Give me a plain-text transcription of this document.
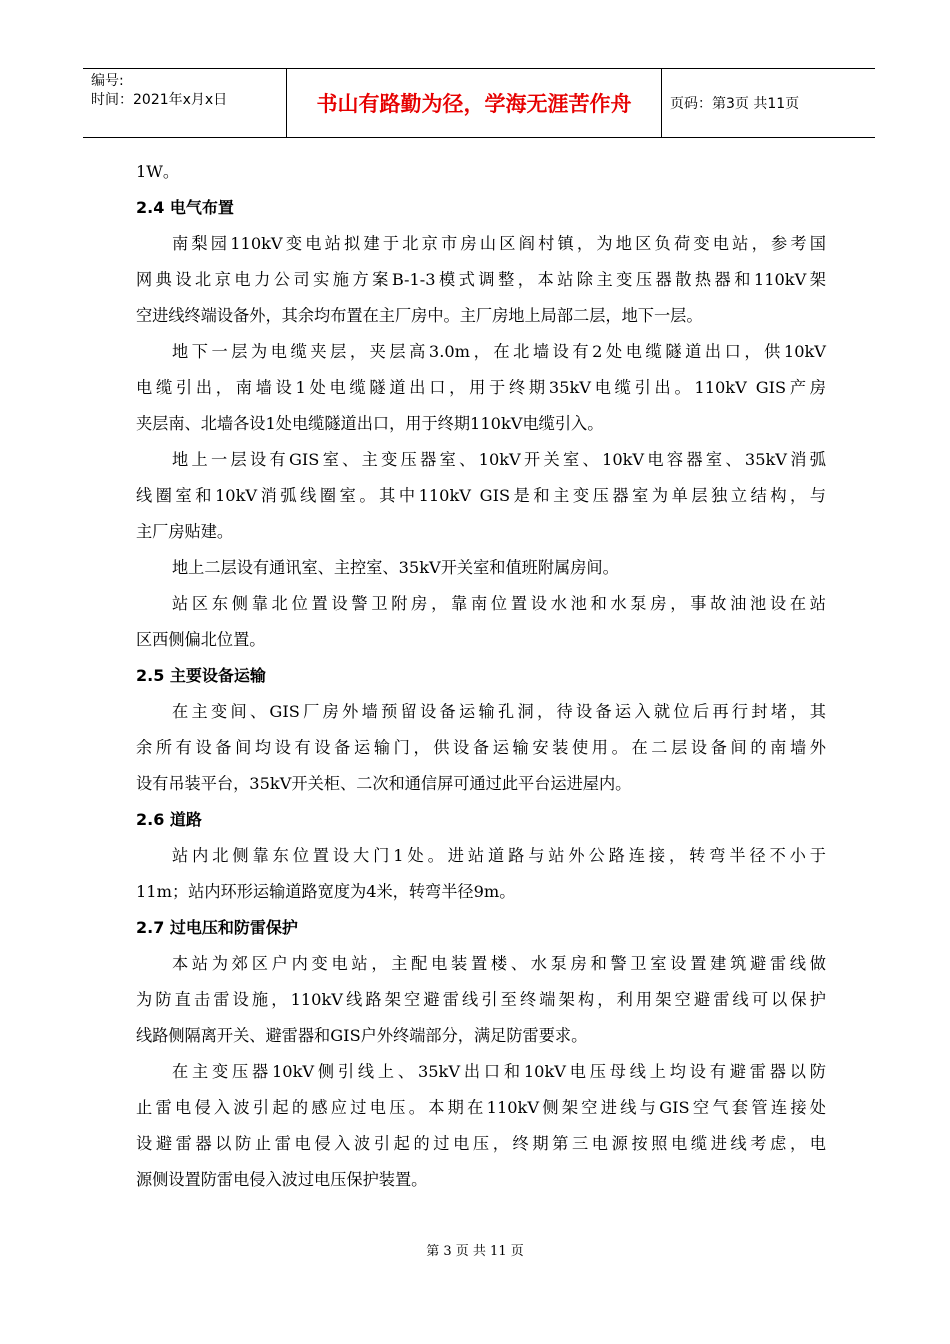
编号:
时间：2021年x月x日	书山有路勤为径，学海无涯苦作舟	页码：第3页 共11页
1W。
2.4 电气布置
南梨园110kV变电站拟建于北京市房山区阎村镇，为地区负荷变电站，参考国
网典设北京电力公司实施方案B-1-3模式调整，本站除主变压器散热器和110kV架
空进线终端设备外，其余均布置在主厂房中。主厂房地上局部二层，地下一层。
地下一层为电缆夹层，夹层高3.0m，在北墙设有2处电缆隧道出口，供10kV
电缆引出，南墙设1处电缆隧道出口，用于终期35kV电缆引出。110kV GIS产房
夹层南、北墙各设1处电缆隧道出口，用于终期110kV电缆引入。
地上一层设有GIS室、主变压器室、10kV开关室、10kV电容器室、35kV消弧
线圈室和10kV消弧线圈室。其中110kV GIS是和主变压器室为单层独立结构，与
主厂房贴建。
地上二层设有通讯室、主控室、35kV开关室和值班附属房间。
站区东侧靠北位置设警卫附房，靠南位置设水池和水泵房，事故油池设在站
区西侧偏北位置。
2.5 主要设备运输
在主变间、GIS厂房外墙预留设备运输孔洞，待设备运入就位后再行封堵，其
余所有设备间均设有设备运输门，供设备运输安装使用。在二层设备间的南墙外
设有吊装平台，35kV开关柜、二次和通信屏可通过此平台运进屋内。
2.6 道路
站内北侧靠东位置设大门1处。进站道路与站外公路连接，转弯半径不小于
11m；站内环形运输道路宽度为4米，转弯半径9m。
2.7 过电压和防雷保护
本站为郊区户内变电站，主配电装置楼、水泵房和警卫室设置建筑避雷线做
为防直击雷设施，110kV线路架空避雷线引至终端架构，利用架空避雷线可以保护
线路侧隔离开关、避雷器和GIS户外终端部分，满足防雷要求。
在主变压器10kV侧引线上、35kV出口和10kV电压母线上均设有避雷器以防
止雷电侵入波引起的感应过电压。本期在110kV侧架空进线与GIS空气套管连接处
设避雷器以防止雷电侵入波引起的过电压，终期第三电源按照电缆进线考虑，电
源侧设置防雷电侵入波过电压保护装置。
第 3 页 共 11 页
